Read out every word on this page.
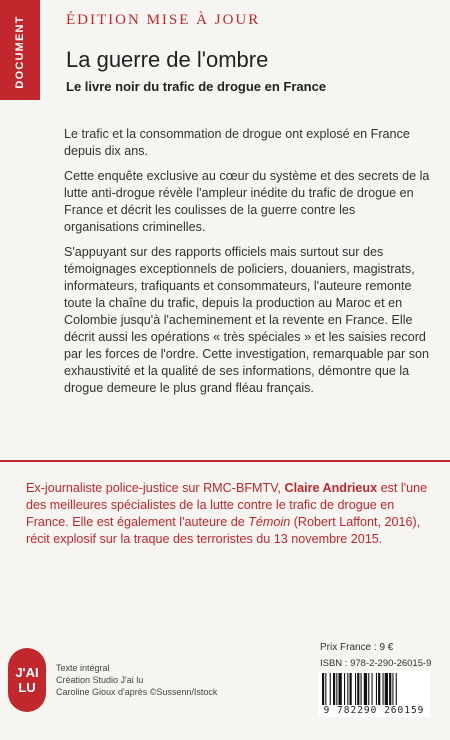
DOCUMENT	ÉDITION MISE À JOUR
La guerre de l'ombre
Le livre noir du trafic de drogue en France

Le trafic et la consommation de drogue ont explosé en France depuis dix ans.

Cette enquête exclusive au cœur du système et des secrets de la lutte anti-drogue révèle l'ampleur inédite du trafic de drogue en France et décrit les coulisses de la guerre contre les organisations criminelles.

S'appuyant sur des rapports officiels mais surtout sur des témoignages exceptionnels de policiers, douaniers, magistrats, informateurs, trafiquants et consommateurs, l'auteure remonte toute la chaîne du trafic, depuis la production au Maroc et en Colombie jusqu'à l'acheminement et la revente en France. Elle décrit aussi les opérations « très spéciales » et les saisies record par les forces de l'ordre. Cette investigation, remarquable par son exhaustivité et la qualité de ses informations, démontre que la drogue demeure le plus grand fléau français.

Ex-journaliste police-justice sur RMC-BFMTV, Claire Andrieux est l'une des meilleures spécialistes de la lutte contre le trafic de drogue en France. Elle est également l'auteure de Témoin (Robert Laffont, 2016), récit explosif sur la traque des terroristes du 13 novembre 2015.
J'AI
LU
Texte intégral
Création Studio J'ai lu
Caroline Gioux d'après ©Sussenn/Istock
Prix France : 9 €
ISBN : 978-2-290-26015-9
9 782290 260159
